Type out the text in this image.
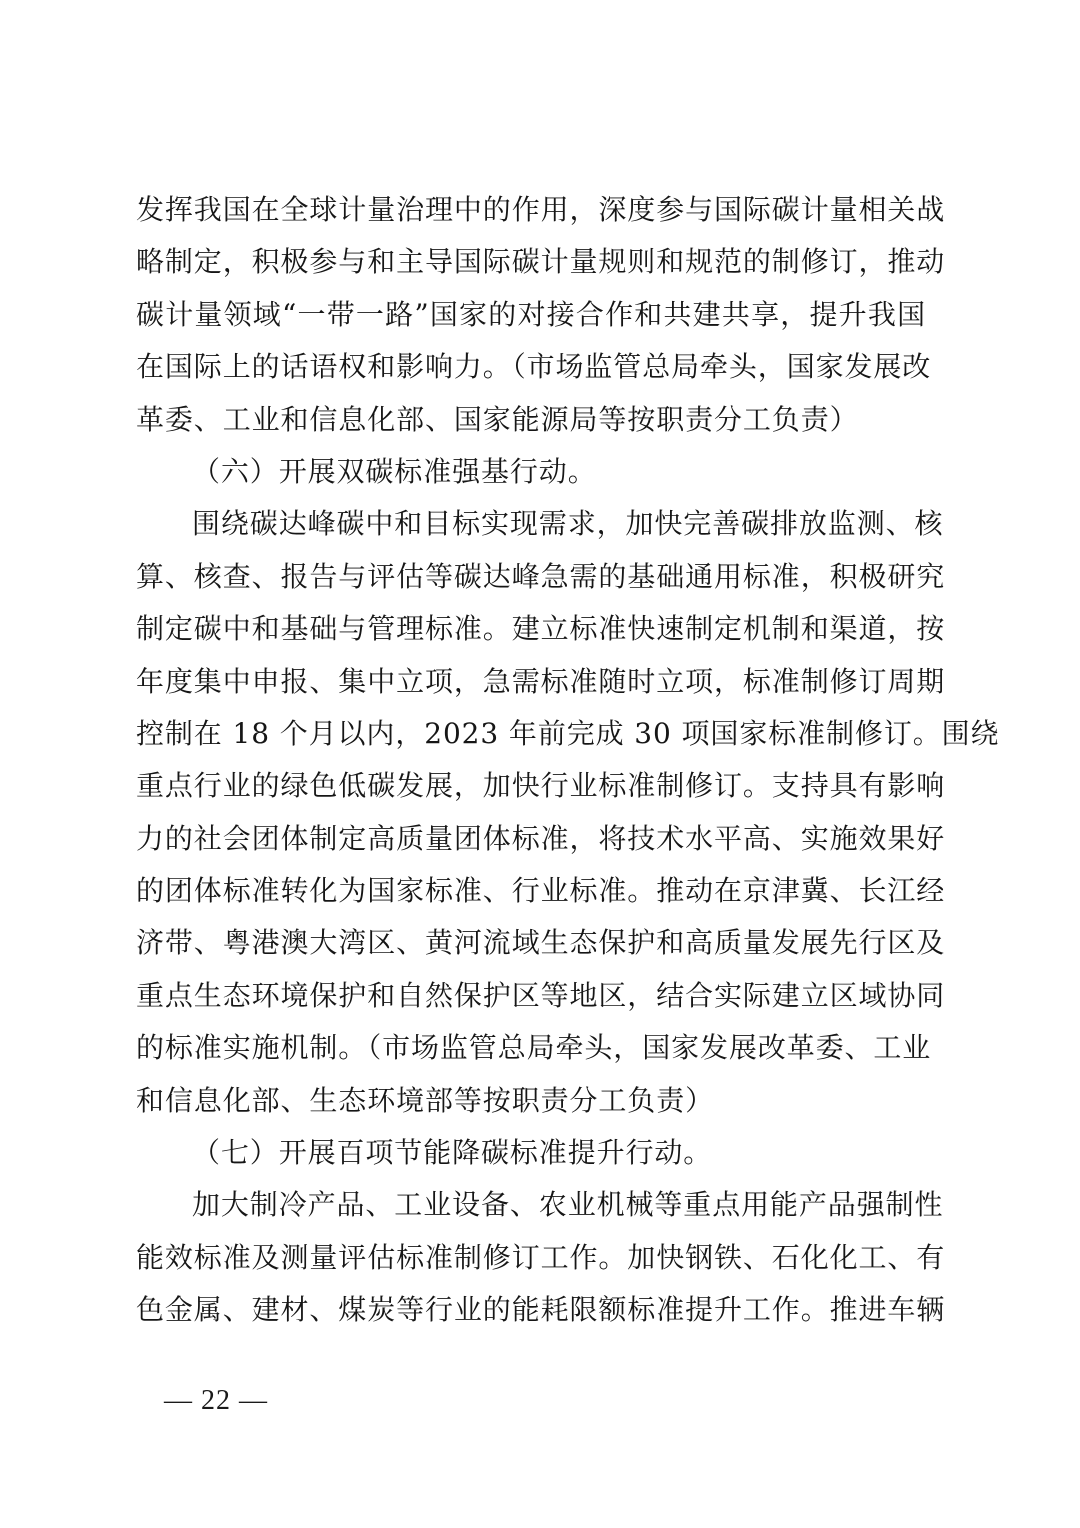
发挥我国在全球计量治理中的作用，深度参与国际碳计量相关战
略制定，积极参与和主导国际碳计量规则和规范的制修订，推动
碳计量领域“一带一路”国家的对接合作和共建共享，提升我国
在国际上的话语权和影响力。（市场监管总局牵头，国家发展改
革委、工业和信息化部、国家能源局等按职责分工负责）
（六）开展双碳标准强基行动。
围绕碳达峰碳中和目标实现需求，加快完善碳排放监测、核
算、核查、报告与评估等碳达峰急需的基础通用标准，积极研究
制定碳中和基础与管理标准。建立标准快速制定机制和渠道，按
年度集中申报、集中立项，急需标准随时立项，标准制修订周期
控制在 18 个月以内，2023 年前完成 30 项国家标准制修订。围绕
重点行业的绿色低碳发展，加快行业标准制修订。支持具有影响
力的社会团体制定高质量团体标准，将技术水平高、实施效果好
的团体标准转化为国家标准、行业标准。推动在京津冀、长江经
济带、粤港澳大湾区、黄河流域生态保护和高质量发展先行区及
重点生态环境保护和自然保护区等地区，结合实际建立区域协同
的标准实施机制。（市场监管总局牵头，国家发展改革委、工业
和信息化部、生态环境部等按职责分工负责）
（七）开展百项节能降碳标准提升行动。
加大制冷产品、工业设备、农业机械等重点用能产品强制性
能效标准及测量评估标准制修订工作。加快钢铁、石化化工、有
色金属、建材、煤炭等行业的能耗限额标准提升工作。推进车辆
— 22 —
